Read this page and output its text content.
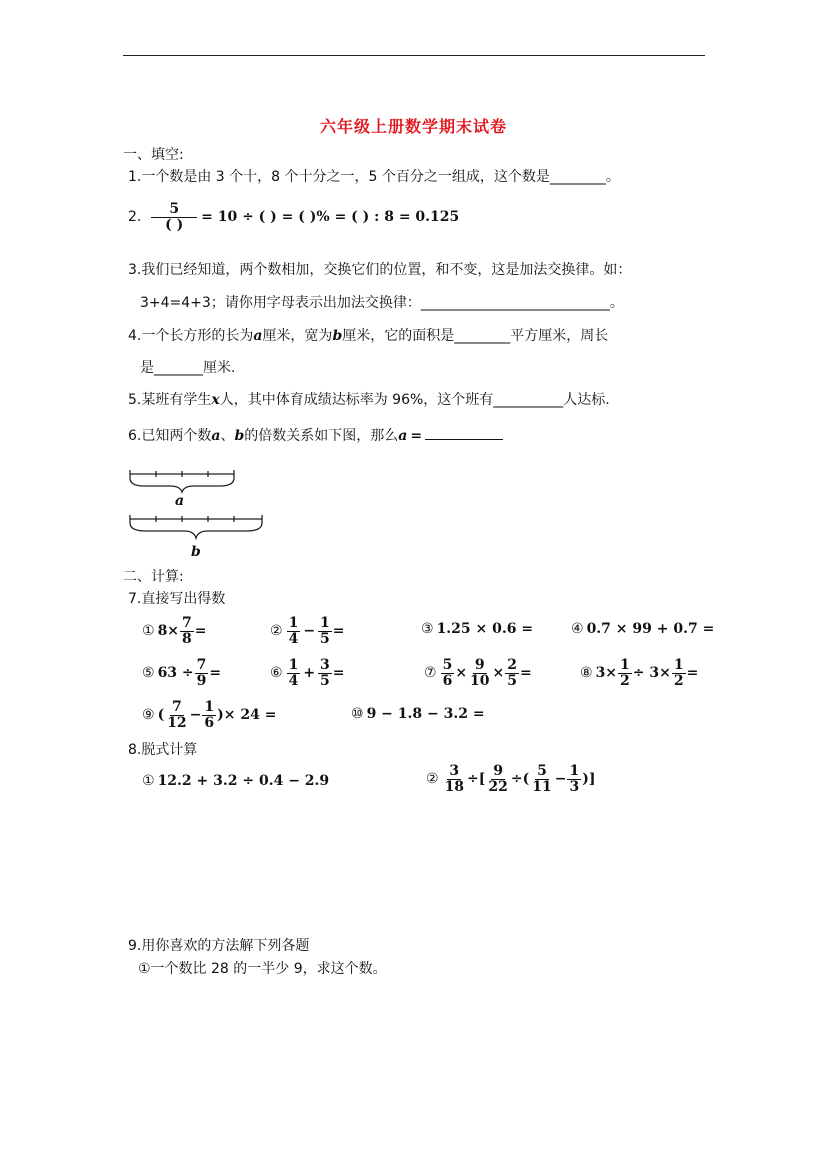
六年级上册数学期末试卷
一、填空:
1.一个数是由 3 个十，8 个十分之一，5 个百分之一组成，这个数是________。
2. $\frac{5}{( )} = 10$ ÷ ( ) = ( )% = ( ) : 8 = 0.125
3.我们已经知道，两个数相加，交换它们的位置，和不变，这是加法交换律。如：
3+4=4+3；请你用字母表示出加法交换律：___________________________。
4.一个长方形的长为a厘米，宽为b厘米，它的面积是________平方厘米，周长
是_______厘米.
5.某班有学生x人，其中体育成绩达标率为 96%，这个班有__________人达标.
6.已知两个数a、b的倍数关系如下图，那么a =
a
b
二、计算:
7.直接写出得数
① $8\times \frac{7}{8}$ =	② $\frac{1}{4} - \frac{1}{5}$ =	③ 1.25 × 0.6 =	④ 0.7 × 99 + 0.7 =
⑤ $63 \div \frac{7}{9}$ =	⑥ $\frac{1}{4} + \frac{3}{5}$ =	⑦ $\frac{5}{6} \times \frac{9}{10} \times \frac{2}{5}$ =	⑧ $3\times \frac{1}{2} \div 3\times \frac{1}{2}$ =
⑨ ( $\frac{7}{12} - \frac{1}{6}$ )× 24 =	⑩ 9 − 1.8 − 3.2 =
8.脱式计算
① 12.2 + 3.2 ÷ 0.4 − 2.9	② $\frac{3}{18}$ ÷[ $\frac{9}{22}$ ÷( $\frac{5}{11} - \frac{1}{3}$ )]
9.用你喜欢的方法解下列各题
①一个数比 28 的一半少 9，求这个数。
